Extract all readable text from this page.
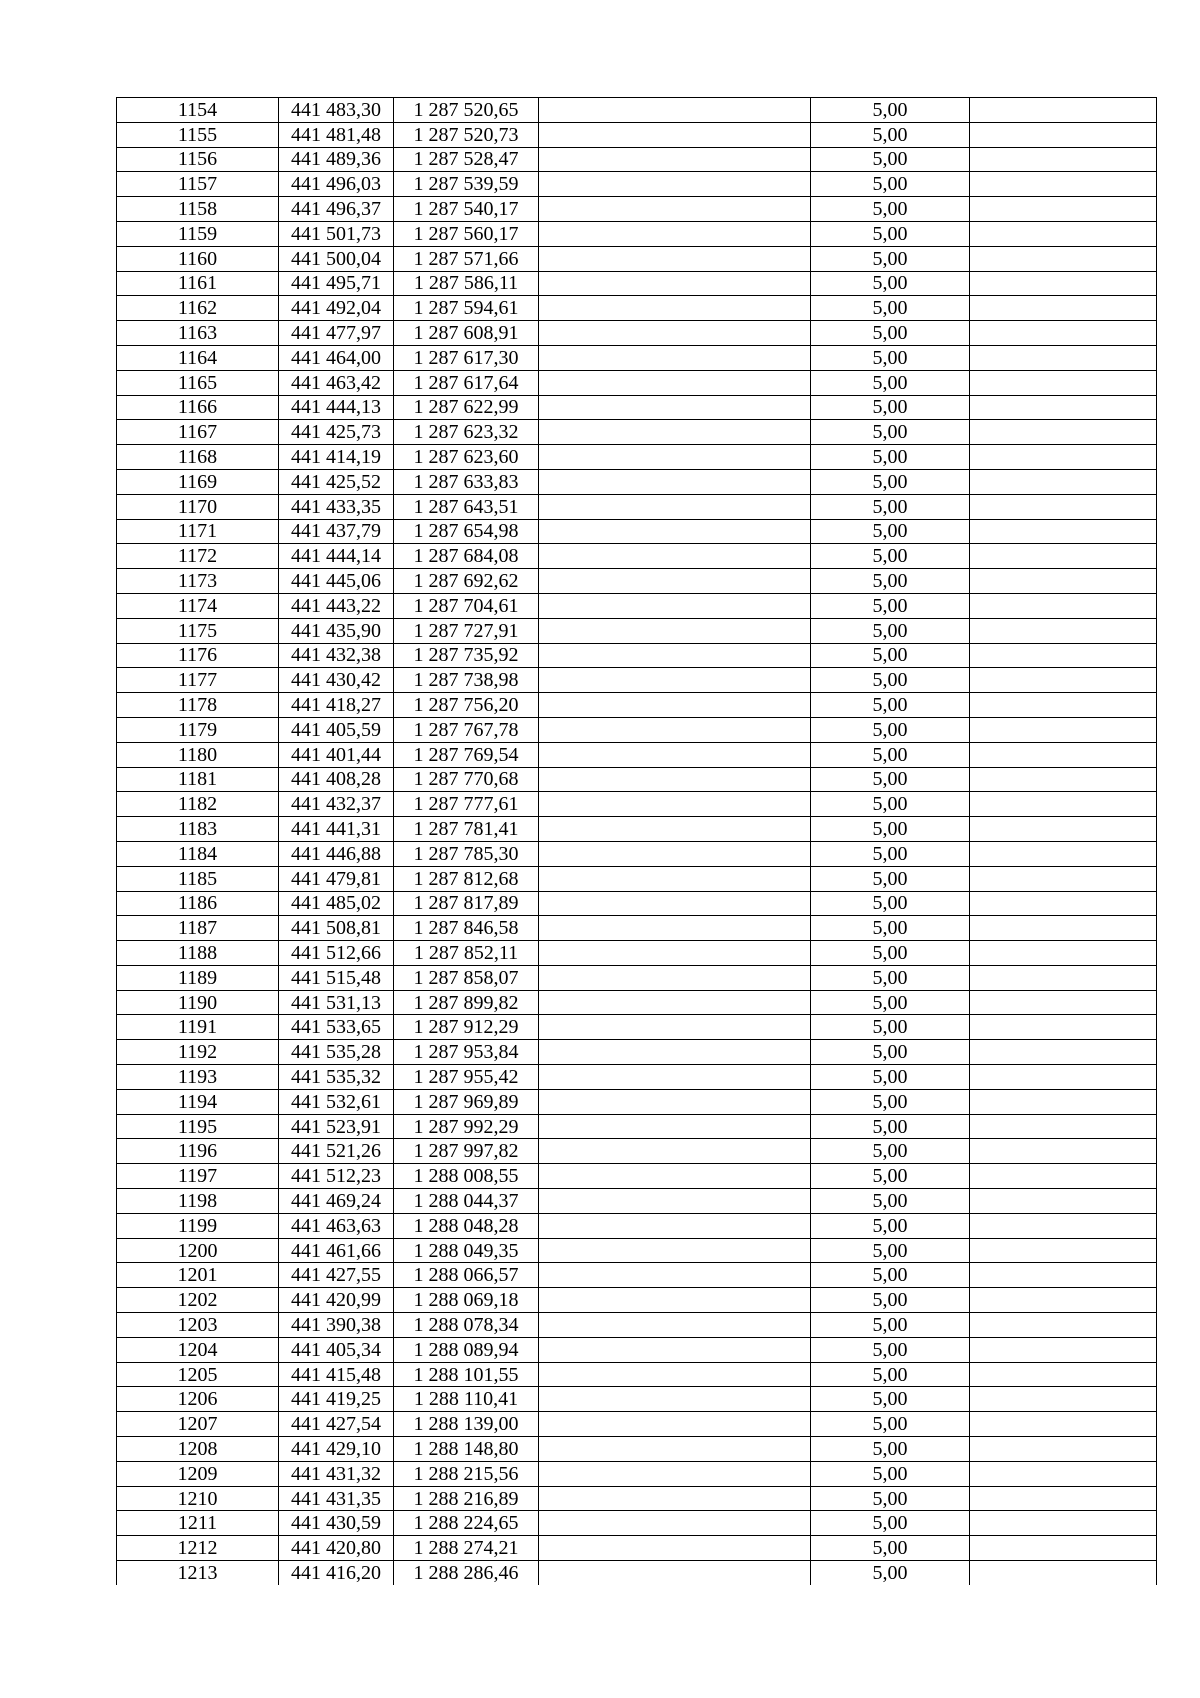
1154	441 483,30	1 287 520,65		5,00	
1155	441 481,48	1 287 520,73		5,00	
1156	441 489,36	1 287 528,47		5,00	
1157	441 496,03	1 287 539,59		5,00	
1158	441 496,37	1 287 540,17		5,00	
1159	441 501,73	1 287 560,17		5,00	
1160	441 500,04	1 287 571,66		5,00	
1161	441 495,71	1 287 586,11		5,00	
1162	441 492,04	1 287 594,61		5,00	
1163	441 477,97	1 287 608,91		5,00	
1164	441 464,00	1 287 617,30		5,00	
1165	441 463,42	1 287 617,64		5,00	
1166	441 444,13	1 287 622,99		5,00	
1167	441 425,73	1 287 623,32		5,00	
1168	441 414,19	1 287 623,60		5,00	
1169	441 425,52	1 287 633,83		5,00	
1170	441 433,35	1 287 643,51		5,00	
1171	441 437,79	1 287 654,98		5,00	
1172	441 444,14	1 287 684,08		5,00	
1173	441 445,06	1 287 692,62		5,00	
1174	441 443,22	1 287 704,61		5,00	
1175	441 435,90	1 287 727,91		5,00	
1176	441 432,38	1 287 735,92		5,00	
1177	441 430,42	1 287 738,98		5,00	
1178	441 418,27	1 287 756,20		5,00	
1179	441 405,59	1 287 767,78		5,00	
1180	441 401,44	1 287 769,54		5,00	
1181	441 408,28	1 287 770,68		5,00	
1182	441 432,37	1 287 777,61		5,00	
1183	441 441,31	1 287 781,41		5,00	
1184	441 446,88	1 287 785,30		5,00	
1185	441 479,81	1 287 812,68		5,00	
1186	441 485,02	1 287 817,89		5,00	
1187	441 508,81	1 287 846,58		5,00	
1188	441 512,66	1 287 852,11		5,00	
1189	441 515,48	1 287 858,07		5,00	
1190	441 531,13	1 287 899,82		5,00	
1191	441 533,65	1 287 912,29		5,00	
1192	441 535,28	1 287 953,84		5,00	
1193	441 535,32	1 287 955,42		5,00	
1194	441 532,61	1 287 969,89		5,00	
1195	441 523,91	1 287 992,29		5,00	
1196	441 521,26	1 287 997,82		5,00	
1197	441 512,23	1 288 008,55		5,00	
1198	441 469,24	1 288 044,37		5,00	
1199	441 463,63	1 288 048,28		5,00	
1200	441 461,66	1 288 049,35		5,00	
1201	441 427,55	1 288 066,57		5,00	
1202	441 420,99	1 288 069,18		5,00	
1203	441 390,38	1 288 078,34		5,00	
1204	441 405,34	1 288 089,94		5,00	
1205	441 415,48	1 288 101,55		5,00	
1206	441 419,25	1 288 110,41		5,00	
1207	441 427,54	1 288 139,00		5,00	
1208	441 429,10	1 288 148,80		5,00	
1209	441 431,32	1 288 215,56		5,00	
1210	441 431,35	1 288 216,89		5,00	
1211	441 430,59	1 288 224,65		5,00	
1212	441 420,80	1 288 274,21		5,00	
1213	441 416,20	1 288 286,46		5,00	
